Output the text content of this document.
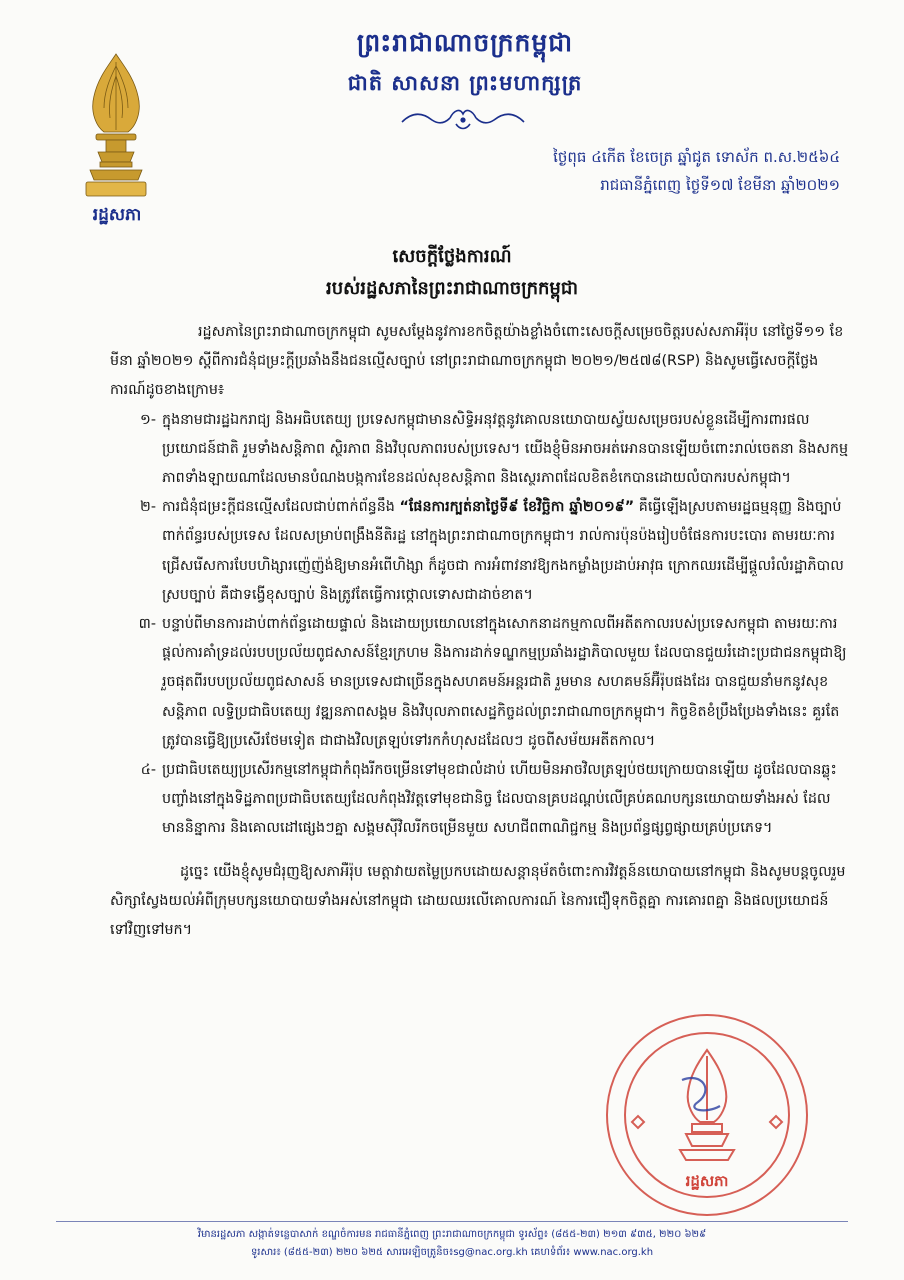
រដ្ឋសភា
ព្រះរាជាណាចក្រកម្ពុជា
ជាតិ សាសនា ព្រះមហាក្សត្រ
ថ្ងៃពុធ ៤កើត ខែចេត្រ ឆ្នាំជូត ទោស័ក ព.ស.២៥៦៤
រាជធានីភ្នំពេញ ថ្ងៃទី១៧ ខែមីនា ឆ្នាំ២០២១
សេចក្តីថ្លែងការណ៍
របស់រដ្ឋសភានៃព្រះរាជាណាចក្រកម្ពុជា

រដ្ឋសភានៃព្រះរាជាណាចក្រកម្ពុជា សូមសម្តែងនូវការខកចិត្តយ៉ាងខ្លាំងចំពោះសេចក្តីសម្រេចចិត្តរបស់សភាអឺរ៉ុប នៅថ្ងៃទី១១ ខែមីនា ឆ្នាំ២០២១ ស្តីពីការជំនុំជម្រះក្តីប្រឆាំងនឹងជនល្មើសច្បាប់ នៅព្រះរាជាណាចក្រកម្ពុជា ២០២១/២៥៧៨(RSP) និងសូមធ្វើសេចក្តីថ្លែងការណ៍ដូចខាងក្រោម៖

១- ក្នុងនាមជារដ្ឋឯករាជ្យ និងអធិបតេយ្យ ប្រទេសកម្ពុជាមានសិទ្ធិអនុវត្តនូវគោលនយោបាយស្វ័យសម្រេចរបស់ខ្លួនដើម្បីការពារផលប្រយោជន៍ជាតិ រួមទាំងសន្តិភាព ស្ថិរភាព និងវិបុលភាពរបស់ប្រទេស។ យើងខ្ញុំមិនអាចអត់អោនបានឡើយចំពោះរាល់ចេតនា និងសកម្មភាពទាំងឡាយណាដែលមានបំណងបង្កការខែនដល់សុខសន្តិភាព និងស្ថេរភាពដែលខិតខំកេបានដោយលំបាករបស់កម្ពុជា។
២- ការជំនុំជម្រះក្តីជនល្មើសដែលជាប់ពាក់ព័ន្ធនឹង “ផែនការក្បត់នាថ្ងៃទី៩ ខែវិច្ឆិកា ឆ្នាំ២០១៩” គឺធ្វើឡើងស្របតាមរដ្ឋធម្មនុញ្ញ និងច្បាប់ពាក់ព័ន្ធរបស់ប្រទេស ដែលសម្រាប់ពង្រឹងនីតិរដ្ឋ នៅក្នុងព្រះរាជាណាចក្រកម្ពុជា។ រាល់ការប៉ុនប៉ងរៀបចំផែនការបះបោរ តាមរយៈការជ្រើសរើសការបែបហិង្សារញ៉េញ៉ង់ឱ្យមានអំពើហិង្សា ក៏ដូចជា ការអំពាវនាវឱ្យកងកម្លាំងប្រដាប់អាវុធ ក្រោកឈរដើម្បីផ្តួលរំលំរដ្ឋាភិបាលស្របច្បាប់ គឺជាទង្វើខុសច្បាប់ និងត្រូវតែធ្វើការថ្កោលទោសជាដាច់ខាត។
៣- បន្ទាប់ពីមានការដាប់ពាក់ព័ន្ធដោយផ្ទាល់ និងដោយប្រយោលនៅក្នុងសោកនាដកម្មកាលពីអតីតកាលរបស់ប្រទេសកម្ពុជា តាមរយៈការផ្តល់ការគាំទ្រដល់របបប្រល័យពូជសាសន៍ខ្មែរក្រហម និងការដាក់ទណ្ឌកម្មប្រឆាំងរដ្ឋាភិបាលមួយ ដែលបានជួយរំដោះប្រជាជនកម្ពុជាឱ្យរួចផុតពីរបបប្រល័យពូជសាសន៍ មានប្រទេសជាច្រើនក្នុងសហគមន៍អន្តរជាតិ រួមមាន សហគមន៍អ៊ឺរ៉ុបផងដែរ បានជួយនាំមកនូវសុខសន្តិភាព លទ្ធិប្រជាធិបតេយ្យ វឌ្ឍនភាពសង្គម និងវិបុលភាពសេដ្ឋកិច្ចដល់ព្រះរាជាណាចក្រកម្ពុជា។ កិច្ចខិតខំប្រឹងប្រែងទាំងនេះ គួរតែត្រូវបានធ្វើឱ្យប្រសើរថែមទៀត ជាជាងវិលត្រឡប់ទៅរកកំហុសដដែលៗ ដូចពីសម័យអតីតកាល។
៤- ប្រជាធិបតេយ្យប្រសើរកម្មនៅកម្ពុជាកំពុងរីកចម្រើនទៅមុខជាលំដាប់ ហើយមិនអាចវិលត្រឡប់ថយក្រោយបានឡើយ ដូចដែលបានឆ្លុះបញ្ចាំងនៅក្នុងទិដ្ឋភាពប្រជាធិបតេយ្យដែលកំពុងវិវត្តទៅមុខជានិច្ច ដែលបានគ្របដណ្តប់លើគ្រប់គណបក្សនយោបាយទាំងអស់ ដែលមាននិន្នាការ និងគោលដៅផ្សេងៗគ្នា សង្គមស៊ីវិលរីកចម្រើនមួយ សហជីពពាណិជ្ជកម្ម និងប្រព័ន្ធផ្សព្វផ្សាយគ្រប់ប្រភេទ។

ដូច្នេះ យើងខ្ញុំសូមជំរុញឱ្យសភាអឺរ៉ុប មេត្តាវាយតម្លៃប្រកបដោយសន្តានុម័តចំពោះការវិវត្តន៍នយោបាយនៅកម្ពុជា និងសូមបន្តចូលរួមសិក្សាស្វែងយល់អំពីក្រុមបក្សនយោបាយទាំងអស់នៅកម្ពុជា ដោយឈរលើគោលការណ៍ នៃការជឿទុកចិត្តគ្នា ការគោរពគ្នា និងផលប្រយោជន៍ទៅវិញទៅមក។

រដ្ឋសភា
វិមានរដ្ឋសភា សង្កាត់ទន្លេបាសាក់ ខណ្ឌចំការមន រាជធានីភ្នំពេញ ព្រះរាជាណាចក្រកម្ពុជា ទូរស័ព្ទ៖ (៨៥៥-២៣) ២១៣ ៩៣៥, ២២០ ៦២៩
ទូរសារ៖ (៨៥៥-២៣) ២២០ ៦២៥ សារអេឡិចត្រូនិច៖sg@nac.org.kh គេហទំព័រ៖ www.nac.org.kh
